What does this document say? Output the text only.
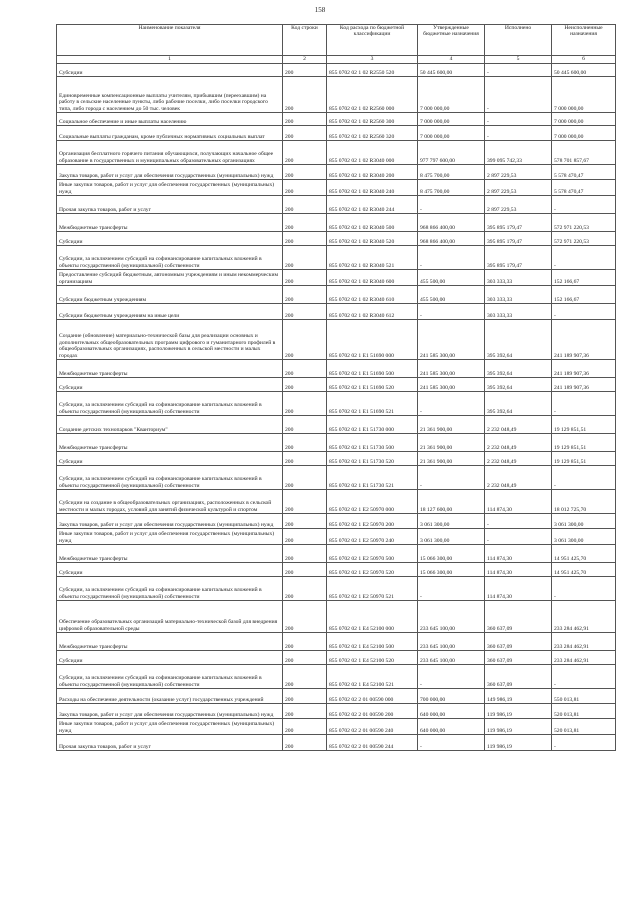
158
Наименование показателя	Код строки	Код расхода по бюджетной классификации	Утвержденные бюджетные назначения	Исполнено	Неисполненные назначения
1	2	3	4	5	6
Субсидии	200	855 0702 02 1 02 R2550 520	50 445 600,00	-	50 445 600,00
Единовременные компенсационные выплаты учителям, прибывшим (переехавшим) на работу в сельские населенные пункты, либо рабочие поселки, либо поселки городского типа, либо города с населением до 50 тыс. человек	200	855 0702 02 1 02 R2560 000	7 000 000,00	-	7 000 000,00
Социальное обеспечение и иные выплаты населению	200	855 0702 02 1 02 R2560 300	7 000 000,00	-	7 000 000,00
Социальные выплаты гражданам, кроме публичных нормативных социальных выплат	200	855 0702 02 1 02 R2560 320	7 000 000,00	-	7 000 000,00
Организация бесплатного горячего питания обучающихся, получающих начальное общее образование в государственных и муниципальных образовательных организациях	200	855 0702 02 1 02 R3040 000	977 797 600,00	399 095 742,33	578 701 857,67
Закупка товаров, работ и услуг для обеспечения государственных (муниципальных) нужд	200	855 0702 02 1 02 R3040 200	8 475 700,00	2 897 229,53	5 578 470,47
Иные закупки товаров, работ и услуг для обеспечения государственных (муниципальных) нужд	200	855 0702 02 1 02 R3040 240	8 475 700,00	2 897 229,53	5 578 470,47
Прочая закупка товаров, работ и услуг	200	855 0702 02 1 02 R3040 244	-	2 897 229,53	-
Межбюджетные трансферты	200	855 0702 02 1 02 R3040 500	968 866 400,00	395 895 179,47	572 971 220,53
Субсидии	200	855 0702 02 1 02 R3040 520	968 866 400,00	395 895 179,47	572 971 220,53
Субсидии, за исключением субсидий на софинансирование капитальных вложений в объекты государственной (муниципальной) собственности	200	855 0702 02 1 02 R3040 521	-	395 895 179,47	-
Предоставление субсидий бюджетным, автономным учреждениям и иным некоммерческим организациям	200	855 0702 02 1 02 R3040 600	455 500,00	303 333,33	152 166,67
Субсидии бюджетным учреждениям	200	855 0702 02 1 02 R3040 610	455 500,00	303 333,33	152 166,67
Субсидии бюджетным учреждениям на иные цели	200	855 0702 02 1 02 R3040 612	-	303 333,33	-
Создание (обновление) материально-технической базы для реализации основных и дополнительных общеобразовательных программ цифрового и гуманитарного профилей в общеобразовательных организациях, расположенных в сельской местности и малых городах	200	855 0702 02 1 E1 51690 000	241 585 300,00	395 392,64	241 189 907,36
Межбюджетные трансферты	200	855 0702 02 1 E1 51690 500	241 585 300,00	395 392,64	241 189 907,36
Субсидии	200	855 0702 02 1 E1 51690 520	241 585 300,00	395 392,64	241 189 907,36
Субсидии, за исключением субсидий на софинансирование капитальных вложений в объекты государственной (муниципальной) собственности	200	855 0702 02 1 E1 51690 521	-	395 392,64	-
Создание детских технопарков "Кванториум"	200	855 0702 02 1 E1 51730 000	21 361 900,00	2 232 048,49	19 129 851,51
Межбюджетные трансферты	200	855 0702 02 1 E1 51730 500	21 361 900,00	2 232 048,49	19 129 851,51
Субсидии	200	855 0702 02 1 E1 51730 520	21 361 900,00	2 232 048,49	19 129 851,51
Субсидии, за исключением субсидий на софинансирование капитальных вложений в объекты государственной (муниципальной) собственности	200	855 0702 02 1 E1 51730 521	-	2 232 048,49	-
Субсидии на создание в общеобразовательных организациях, расположенных в сельской местности и малых городах, условий для занятий физической культурой и спортом	200	855 0702 02 1 E2 50970 000	18 127 600,00	114 874,30	18 012 725,70
Закупка товаров, работ и услуг для обеспечения государственных (муниципальных) нужд	200	855 0702 02 1 E2 50970 200	3 061 300,00	-	3 061 300,00
Иные закупки товаров, работ и услуг для обеспечения государственных (муниципальных) нужд	200	855 0702 02 1 E2 50970 240	3 061 300,00	-	3 061 300,00
Межбюджетные трансферты	200	855 0702 02 1 E2 50970 500	15 066 300,00	114 874,30	14 951 425,70
Субсидии	200	855 0702 02 1 E2 50970 520	15 066 300,00	114 874,30	14 951 425,70
Субсидии, за исключением субсидий на софинансирование капитальных вложений в объекты государственной (муниципальной) собственности	200	855 0702 02 1 E2 50970 521	-	114 874,30	-
Обеспечение образовательных организаций материально-технической базой для внедрения цифровой образовательной среды	200	855 0702 02 1 E4 52100 000	233 645 100,00	360 637,09	233 284 462,91
Межбюджетные трансферты	200	855 0702 02 1 E4 52100 500	233 645 100,00	360 637,09	233 284 462,91
Субсидии	200	855 0702 02 1 E4 52100 520	233 645 100,00	360 637,09	233 284 462,91
Субсидии, за исключением субсидий на софинансирование капитальных вложений в объекты государственной (муниципальной) собственности	200	855 0702 02 1 E4 52100 521	-	360 637,09	-
Расходы на обеспечение деятельности (оказание услуг) государственных учреждений	200	855 0702 02 2 01 00590 000	700 000,00	149 986,19	550 013,81
Закупка товаров, работ и услуг для обеспечения государственных (муниципальных) нужд	200	855 0702 02 2 01 00590 200	640 000,00	119 986,19	520 013,81
Иные закупки товаров, работ и услуг для обеспечения государственных (муниципальных) нужд	200	855 0702 02 2 01 00590 240	640 000,00	119 986,19	520 013,81
Прочая закупка товаров, работ и услуг	200	855 0702 02 2 01 00590 244	-	119 986,19	-
